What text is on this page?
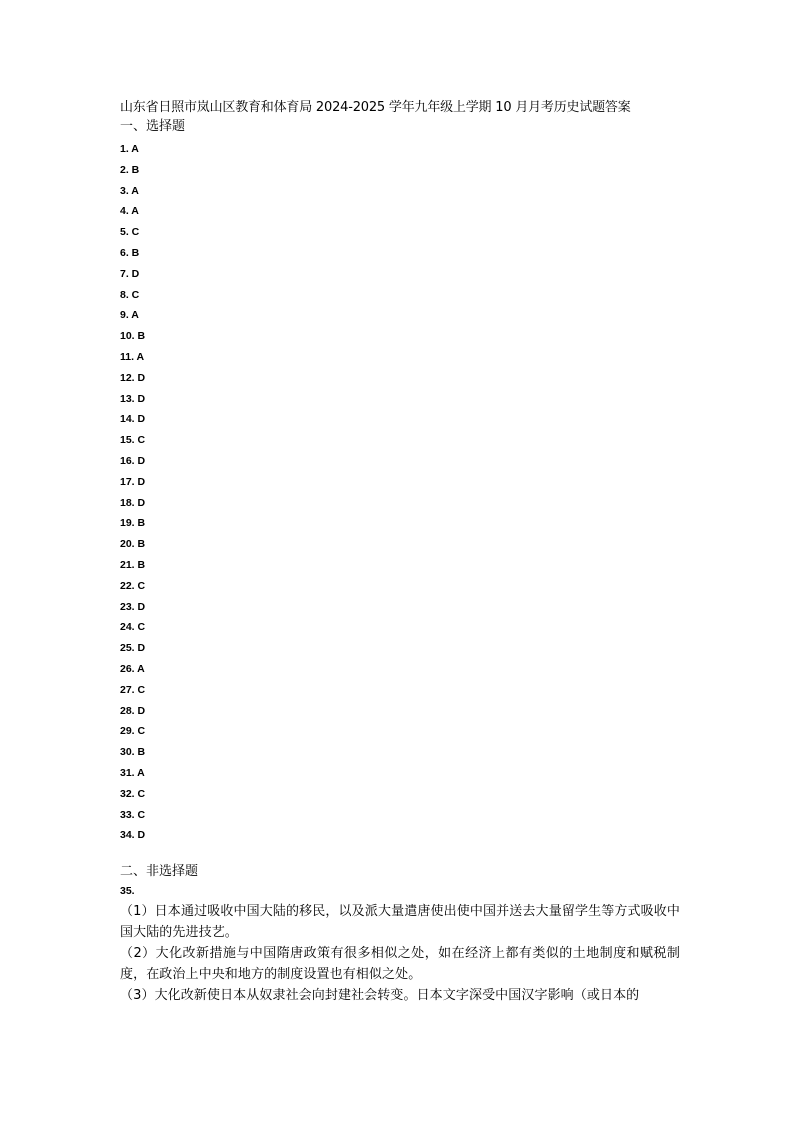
山东省日照市岚山区教育和体育局 2024-2025 学年九年级上学期 10 月月考历史试题答案
一、选择题
1. A
2. B
3. A
4. A
5. C
6. B
7. D
8. C
9. A
10. B
11. A
12. D
13. D
14. D
15. C
16. D
17. D
18. D
19. B
20. B
21. B
22. C
23. D
24. C
25. D
26. A
27. C
28. D
29. C
30. B
31. A
32. C
33. C
34. D
二、非选择题
35.
（1）日本通过吸收中国大陆的移民，以及派大量遣唐使出使中国并送去大量留学生等方式吸收中国大陆的先进技艺。
（2）大化改新措施与中国隋唐政策有很多相似之处，如在经济上都有类似的土地制度和赋税制度，在政治上中央和地方的制度设置也有相似之处。
（3）大化改新使日本从奴隶社会向封建社会转变。日本文字深受中国汉字影响（或日本的
